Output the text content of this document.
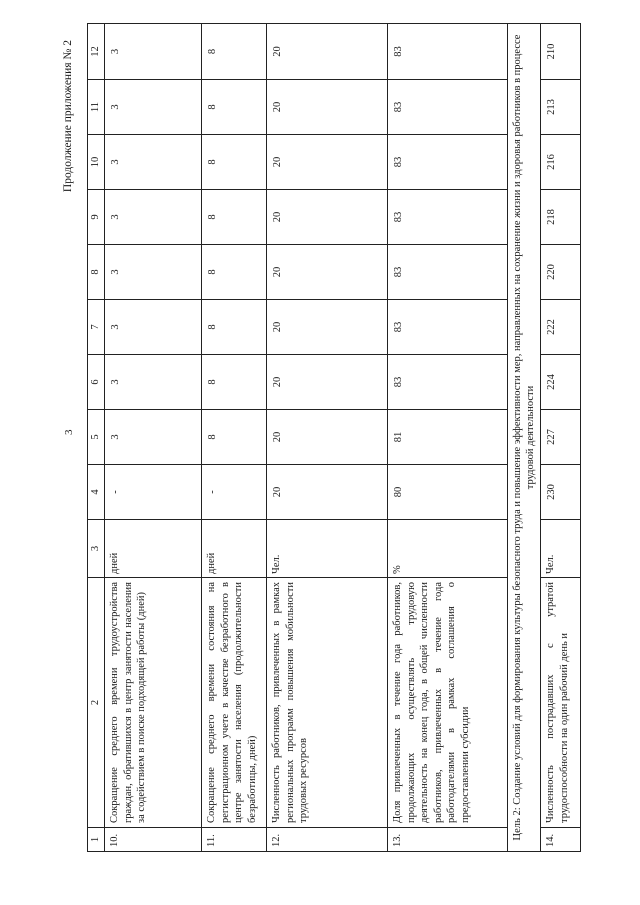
3
Продолжение приложения № 2
1	2	3	4	5	6	7	8	9	10	11	12
10.	Сокращение среднего времени трудоустройства граждан, обратившихся в центр занятости населения за содействием в поиске подходящей работы (дней)	дней	-	3	3	3	3	3	3	3	3
11.	Сокращение среднего времени состояния на регистрационном учете в качестве безработного в центре занятости населения (продолжительности безработицы, дней)	дней	-	8	8	8	8	8	8	8	8
12.	Численность работников, привлеченных в рамках региональных программ повышения мобильности трудовых ресурсов	Чел.	20	20	20	20	20	20	20	20	20
13.	Доля привлеченных в течение года работников, продолжающих осуществлять трудовую деятельность на конец года, в общей численности работников, привлеченных в течение года работодателями в рамках соглашения о предоставлении субсидии	%	80	81	83	83	83	83	83	83	83
Цель 2: Создание условий для формирования культуры безопасного труда и повышение эффективности мер, направленных на сохранение жизни и здоровья работников в процессе трудовой деятельности											
14.	Численность пострадавших с утратой трудоспособности на один рабочий день и	Чел.	230	227	224	222	220	218	216	213	210
